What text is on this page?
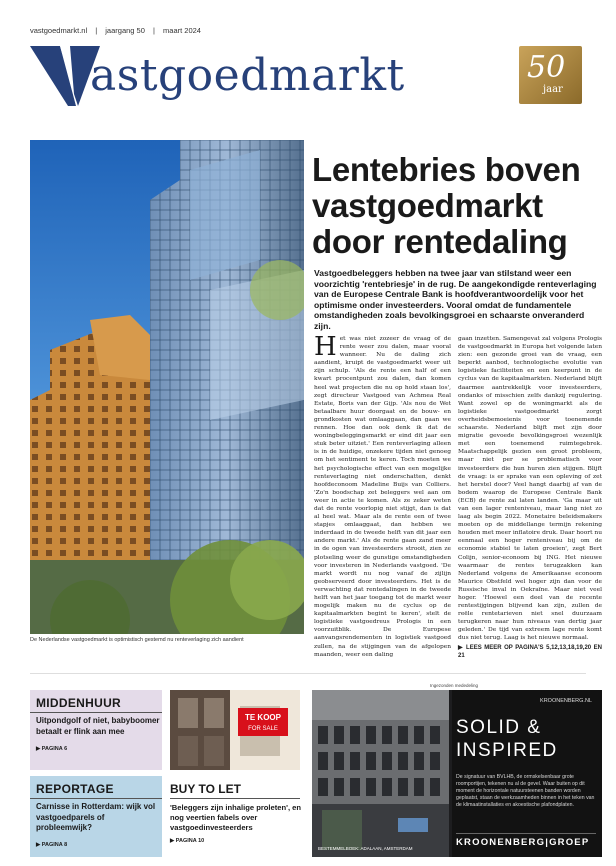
vastgoedmarkt.nl | jaargang 50 | maart 2024
astgoedmarkt	50
jaar
De Nederlandse vastgoedmarkt is optimistisch gestemd nu renteverlaging zich aandient
Lentebries boven vastgoedmarkt door rentedaling

Vastgoedbeleggers hebben na twee jaar van stilstand weer een voorzichtig 'rentebriesje' in de rug. De aangekondigde renteverlaging van de Europese Centrale Bank is hoofdverantwoordelijk voor het optimisme onder investeerders. Vooral omdat de fundamentele omstandigheden zoals bevolkingsgroei en schaarste onveranderd zijn.

Het was niet zozeer de vraag of de rente weer zou dalen, maar vooral wanneer. Nu de daling zich aandient, kruipt de vastgoedmarkt weer uit zijn schulp. 'Als de rente een half of een kwart procentpunt zou dalen, dan komen heel wat projecten die nu op hold staan los', zegt directeur Vastgoed van Achmea Real Estate, Boris van der Gijp. 'Als nou de Wet betaalbare huur doorgaat en de bouw- en grondkosten wat omlaaggaan, dan gaan we rennen. Hoe dan ook denk ik dat de woningbeleggingsmarkt er eind dit jaar een stuk beter uitziet.' Een renteverlaging alleen is in de huidige, onzekere tijden niet genoeg om het sentiment te keren. Toch moeten we het psychologische effect van een mogelijke renteverlaging niet onderschatten, denkt hoofdeconoom Madeline Buijs van Colliers. 'Zo'n boodschap zet beleggers wel aan om weer in actie te komen. Als ze zeker weten dat de rente voorlopig niet stijgt, dan is dat al heel wat. Maar als de rente een of twee stapjes omlaaggaat, dan hebben we inderdaad in de tweede helft van dit jaar een andere markt.' Als de rente gaan zand meer in de ogen van investeerders strooit, zien ze plotseling weer de gunstige omstandigheden voor investeren in Nederlands vastgoed. 'De markt wordt nu nog vanaf de zijlijn geobserveerd door investeerders. Het is de verwachting dat rentedalingen in de tweede helft van het jaar toegang tot de markt weer mogelijk maken nu de cyclus op de kapitaalmarkten begint te keren', stelt de logistieke vastgoedreus Prologis in een voorzuitblik. De Europese aanvangsrendementen in logistiek vastgoed zullen, na de stijgingen van de afgelopen maanden, weer een daling
gaan inzetten. Samengevat zal volgens Prologis de vastgoedmarkt in Europa het volgende laten zien: een gezonde groei van de vraag, een beperkt aanbod, technologische evolutie van logistieke faciliteiten en een keerpunt in de cyclus van de kapitaalmarkten. Nederland blijft daarmee aantrekkelijk voor investeerders, ondanks of misschien zelfs dankzij regulering. Want zowel op de woningmarkt als de logistieke vastgoedmarkt zorgt overheidsbemoeienis voor toenemende schaarste. Nederland blijft met zijn door migratie gevoede bevolkingsgroei wezenlijk met een toenemend ruimtegebrek. Maatschappelijk gezien een groot probleem, maar niet per se problematisch voor investeerders die hun huren zien stijgen. Blijft de vraag: is er sprake van een opleving of zet het herstel door? Veel hangt daarbij af van de bodem waarop de Europese Centrale Bank (ECB) de rente zal laten landen. 'Ga maar uit van een lager renteniveau, maar lang niet zo laag als begin 2022. Monetaire beleidsmakers moeten op de middellange termijn rekening houden met meer inflatoire druk. Daar hoort nu eenmaal een hoger renteniveau bij om de economie stabiel te laten groeien', zegt Bert Colijn, senior-econoom bij ING. Het nieuwe waarmaar de rentes terugzakken kan Nederland volgens de Amerikaanse econoom Maurice Obstfeld wel hoger zijn dan voor de Russische inval in Oekraïne. Maar niet veel hoger. 'Hoewel een deel van de recente rentestijgingen blijvend kan zijn, zullen de reële rentetarieven niet snel duurzaam terugkeren naar hun niveaus van dertig jaar geleden.' De tijd van extreem lage rente komt dus niet terug. Laag is het nieuwe normaal.
▶ LEES MEER OP PAGINA'S 5,12,13,18,19,20 EN 21
Ingezonden mededeling
MIDDENHUUR
Uitpondgolf of niet, babyboomer betaalt er flink aan mee
▶ PAGINA 6
TE KOOP
FOR SALE
REPORTAGE
Carnisse in Rotterdam: wijk vol vastgoedparels of probleemwijk?
▶ PAGINA 8
BUY TO LET
'Beleggers zijn inhalige proleten', en nog veertien fabels over vastgoedinvesteerders
▶ PAGINA 10
BESTEMMELBOEK: ADALAAN, AMSTERDAM
KROONENBERG.NL
SOLID &
INSPIRED
De signatuur van BVLHB, de ormskelsenbaar grote roomportijen, tekenen nu al de gevel. Waar buiten op dit moment de horizontale natuursteenen banden worden geplaatst, staan de werkzaamheden binnen in het teken van de klimaatinstallaties en akoestische plafondplaten.
KROONENBERG|GROEP
